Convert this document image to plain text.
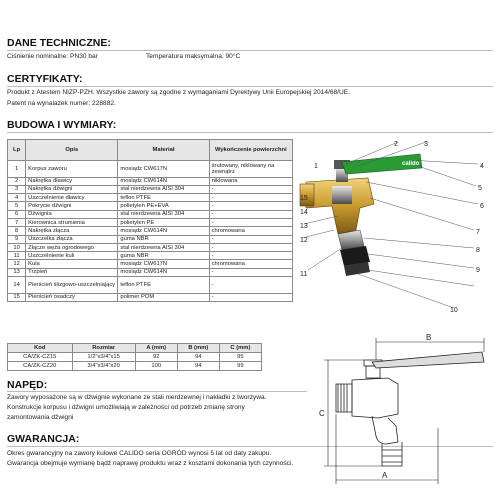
DANE TECHNICZNE:
Ciśnienie nominalne: PN30 bar	Temperatura maksymalna: 90°C
CERTYFIKATY:
Produkt z Atestem NIZP-PZH. Wszystkie zawory są zgodne z wymaganiami Dyrektywy Unii Europejskiej 2014/68/UE.
Patent na wynalazek numer: 228882.
BUDOWA I WYMIARY:
Lp	Opis	Materiał	Wykończenie powierzchni
1	Korpus zaworu	mosiądz CW617N	śrutowany, niklowany na zewnątrz
2	Nakrętka dławicy	mosiądz CW614N	niklowana
3	Nakrętka dźwigni	stal nierdzewna AISI 304	-
4	Uszczelnienie dławicy	teflon PTFE	-
5	Pokrycie dźwigni	polietylen PE+EVA	-
6	Dźwignia	stal nierdzewna AISI 304	-
7	Kierownica strumienia	polietylen PE	-
8	Nakrętka złącza	mosiądz CW614N	chromowana
9	Uszczelka złącza	guma NBR	-
10	Złącze węża ogrodowego	stal nierdzewna AISI 304	-
11	Uszczelnienie kuli	guma NBR	-
12	Kula	mosiądz CW617N	chromowana
13	Trzpień	mosiądz CW614N	-
14	Pierścień ślizgowo-uszczelniający	teflon PTFE	-
15	Pierścień osadczy	polimer POM	-
Kod	Rozmiar	A (mm)	B (mm)	C (mm)
CA/ZK-CZ15	1/2"x3/4"x15	92	94	95
CA/ZK-CZ20	3/4"x3/4"x20	100	94	99
NAPĘD:
Zawory wyposażone są w dźwignie wykonane ze stali nierdzewnej i nakładki z tworzywa.
Konstrukcje korpusu i dźwigni umożliwiają w zależności od potrzeb zmianę strony
zamontowania dźwigni
GWARANCJA:
Okres gwarancyjny na zawory kulowe CALIDO seria OGRÓD wynosi 5 lat od daty zakupu.
Gwarancja obejmuje wymianę bądź naprawę produktu wraz z kosztami dokonania tych czynności.
calido
1
2	3
4
5
6
7
8
9
10
11
12
13
14
15
B
C
A
